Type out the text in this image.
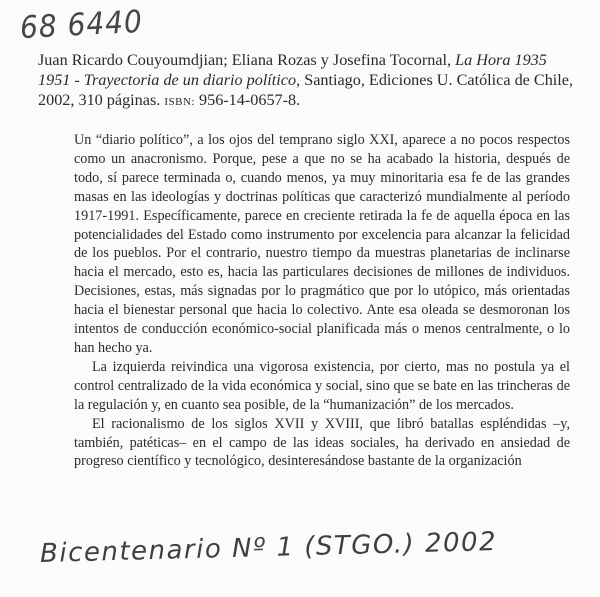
68 6440
Juan Ricardo Couyoumdjian; Eliana Rozas y Josefina Tocornal, La Hora 1935 1951 - Trayectoria de un diario político, Santiago, Ediciones U. Católica de Chile, 2002, 310 páginas. ISBN: 956-14-0657-8.

Un “diario político”, a los ojos del temprano siglo XXI, aparece a no pocos respectos como un anacronismo. Porque, pese a que no se ha acabado la historia, después de todo, sí parece terminada o, cuando menos, ya muy minoritaria esa fe de las grandes masas en las ideologías y doctrinas políticas que caracterizó mundialmente al período 1917-1991. Específicamente, parece en creciente retirada la fe de aquella época en las potencialidades del Estado como instrumento por excelencia para alcanzar la felicidad de los pueblos. Por el contrario, nuestro tiempo da muestras planetarias de inclinarse hacia el mercado, esto es, hacia las particulares decisiones de millones de individuos. Decisiones, estas, más signadas por lo pragmático que por lo utópico, más orientadas hacia el bienestar personal que hacia lo colectivo. Ante esa oleada se desmoronan los intentos de conducción económico-social planificada más o menos centralmente, o lo han hecho ya.

La izquierda reivindica una vigorosa existencia, por cierto, mas no postula ya el control centralizado de la vida económica y social, sino que se bate en las trincheras de la regulación y, en cuanto sea posible, de la “humanización” de los mercados.

El racionalismo de los siglos XVII y XVIII, que libró batallas espléndidas –y, también, patéticas– en el campo de las ideas sociales, ha derivado en ansiedad de progreso científico y tecnológico, desinteresándose bastante de la organización

Bicentenario Nº 1 (STGO.) 2002
